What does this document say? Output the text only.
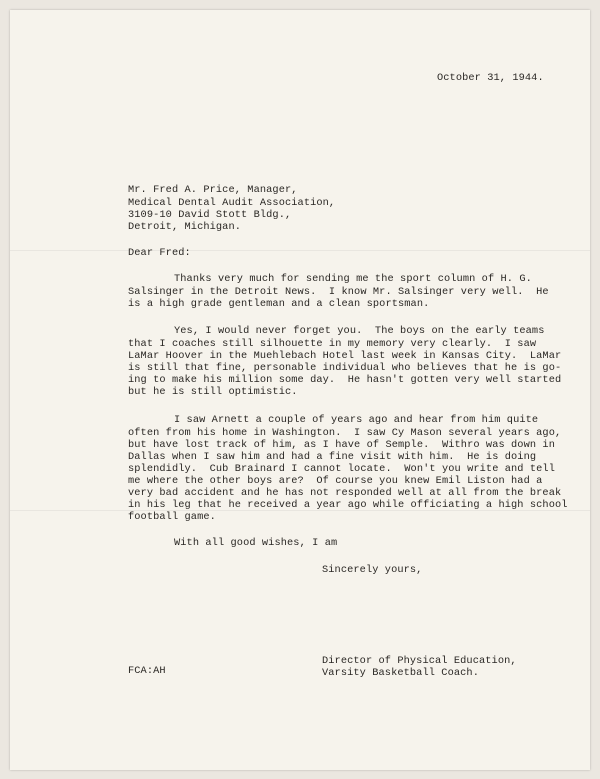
October 31, 1944.
Mr. Fred A. Price, Manager,
Medical Dental Audit Association,
3109-10 David Stott Bldg.,
Detroit, Michigan.
Dear Fred:
Thanks very much for sending me the sport column of H. G.
Salsinger in the Detroit News.  I know Mr. Salsinger very well.  He
is a high grade gentleman and a clean sportsman.
Yes, I would never forget you.  The boys on the early teams
that I coaches still silhouette in my memory very clearly.  I saw
LaMar Hoover in the Muehlebach Hotel last week in Kansas City.  LaMar
is still that fine, personable individual who believes that he is go-
ing to make his million some day.  He hasn't gotten very well started
but he is still optimistic.
I saw Arnett a couple of years ago and hear from him quite
often from his home in Washington.  I saw Cy Mason several years ago,
but have lost track of him, as I have of Semple.  Withro was down in
Dallas when I saw him and had a fine visit with him.  He is doing
splendidly.  Cub Brainard I cannot locate.  Won't you write and tell
me where the other boys are?  Of course you knew Emil Liston had a
very bad accident and he has not responded well at all from the break
in his leg that he received a year ago while officiating a high school
football game.
With all good wishes, I am
Sincerely yours,
Director of Physical Education,
Varsity Basketball Coach.
FCA:AH
